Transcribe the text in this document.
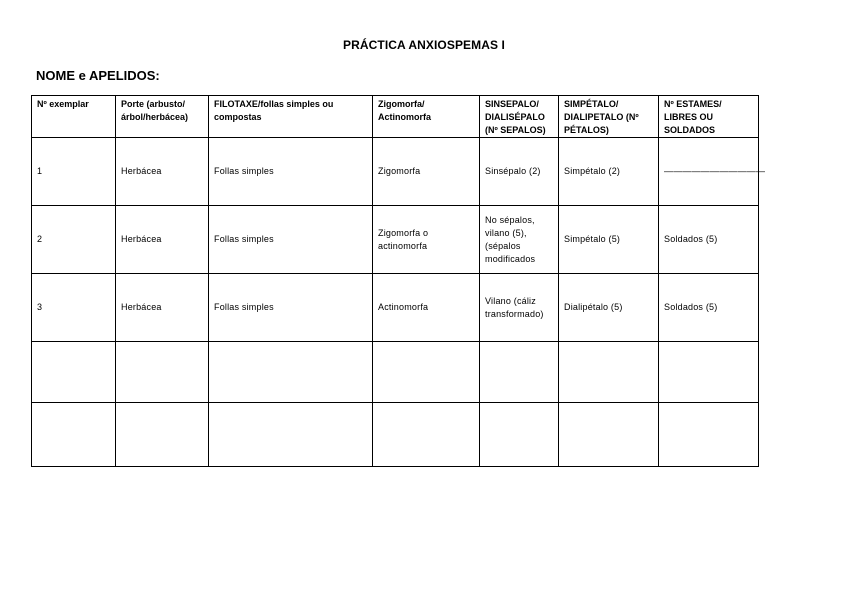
PRÁCTICA ANXIOSPEMAS I
NOME e APELIDOS:
Nº exemplar	Porte (arbusto/árbol/herbácea)	FILOTAXE/follas simples ou compostas	Zigomorfa/ Actinomorfa	SINSEPALO/ DIALISÉPALO (Nº SEPALOS)	SIMPÉTALO/ DIALIPETALO (Nº PÉTALOS)	Nº ESTAMES/ LIBRES OU SOLDADOS
1	Herbácea	Follas simples	Zigomorfa	Sinsépalo (2)	Simpétalo (2)	———————————
2	Herbácea	Follas simples	Zigomorfa o actinomorfa	No sépalos, vilano (5), (sépalos modificados	Simpétalo (5)	Soldados (5)
3	Herbácea	Follas simples	Actinomorfa	Vilano (cáliz transformado)	Dialipétalo (5)	Soldados (5)
